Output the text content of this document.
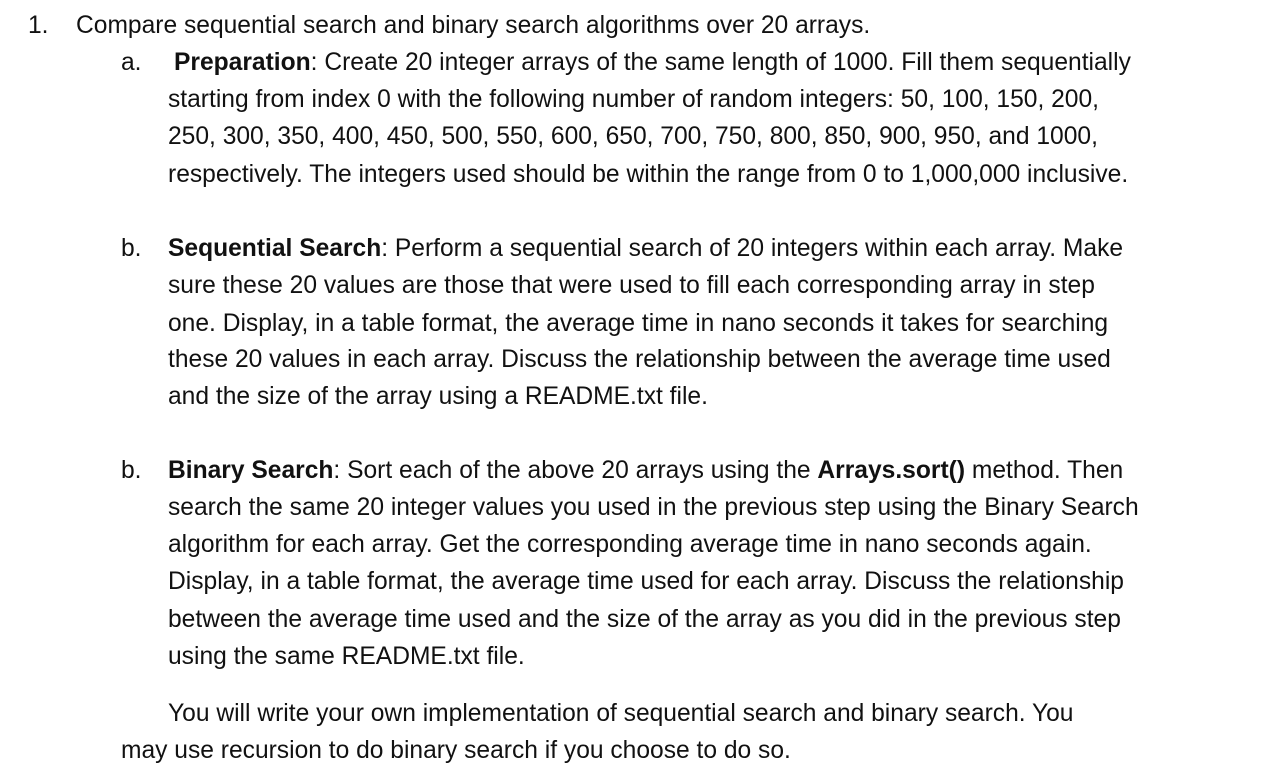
1. Compare sequential search and binary search algorithms over 20 arrays.
a. Preparation: Create 20 integer arrays of the same length of 1000. Fill them sequentially
starting from index 0 with the following number of random integers: 50, 100, 150, 200,
250, 300, 350, 400, 450, 500, 550, 600, 650, 700, 750, 800, 850, 900, 950, and 1000,
respectively. The integers used should be within the range from 0 to 1,000,000 inclusive.
b. Sequential Search: Perform a sequential search of 20 integers within each array. Make
sure these 20 values are those that were used to fill each corresponding array in step
one. Display, in a table format, the average time in nano seconds it takes for searching
these 20 values in each array. Discuss the relationship between the average time used
and the size of the array using a README.txt file.
b. Binary Search: Sort each of the above 20 arrays using the Arrays.sort() method. Then
search the same 20 integer values you used in the previous step using the Binary Search
algorithm for each array. Get the corresponding average time in nano seconds again.
Display, in a table format, the average time used for each array. Discuss the relationship
between the average time used and the size of the array as you did in the previous step
using the same README.txt file.
You will write your own implementation of sequential search and binary search. You
may use recursion to do binary search if you choose to do so.
